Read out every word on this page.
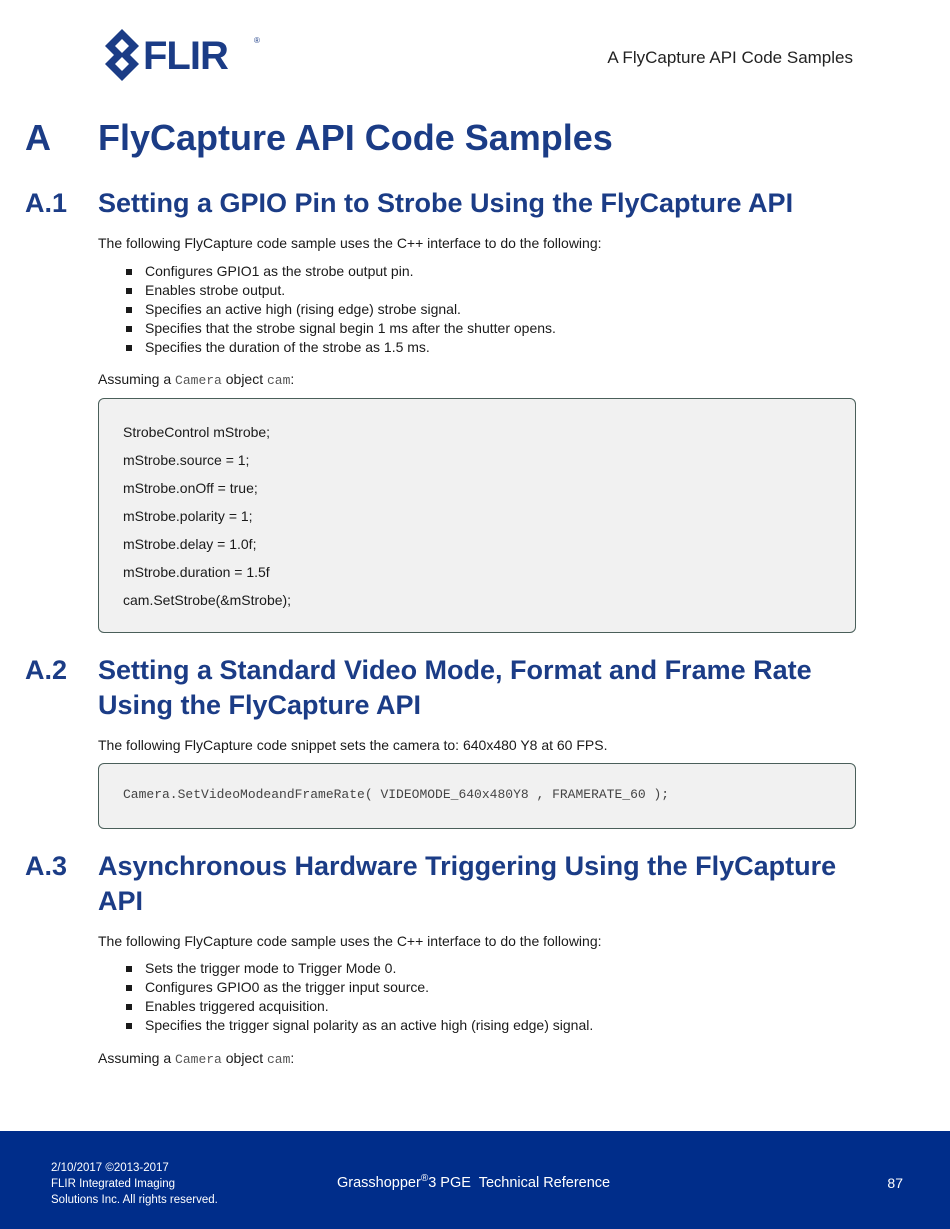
FLIR	®
A FlyCapture API Code Samples
A FlyCapture API Code Samples
A.1 Setting a GPIO Pin to Strobe Using the FlyCapture API
The following FlyCapture code sample uses the C++ interface to do the following:
Configures GPIO1 as the strobe output pin.
Enables strobe output.
Specifies an active high (rising edge) strobe signal.
Specifies that the strobe signal begin 1 ms after the shutter opens.
Specifies the duration of the strobe as 1.5 ms.
Assuming a Camera object cam:
StrobeControl mStrobe;
mStrobe.source = 1;
mStrobe.onOff = true;
mStrobe.polarity = 1;
mStrobe.delay = 1.0f;
mStrobe.duration = 1.5f
cam.SetStrobe(&mStrobe);
A.2 Setting a Standard Video Mode, Format and Frame Rate Using the FlyCapture API
The following FlyCapture code snippet sets the camera to: 640x480 Y8 at 60 FPS.
Camera.SetVideoModeandFrameRate( VIDEOMODE_640x480Y8 , FRAMERATE_60 );
A.3 Asynchronous Hardware Triggering Using the FlyCapture API
The following FlyCapture code sample uses the C++ interface to do the following:
Sets the trigger mode to Trigger Mode 0.
Configures GPIO0 as the trigger input source.
Enables triggered acquisition.
Specifies the trigger signal polarity as an active high (rising edge) signal.
Assuming a Camera object cam:
2/10/2017 ©2013-2017
FLIR Integrated Imaging
Solutions Inc. All rights reserved.
Grasshopper®3 PGE  Technical Reference	87
